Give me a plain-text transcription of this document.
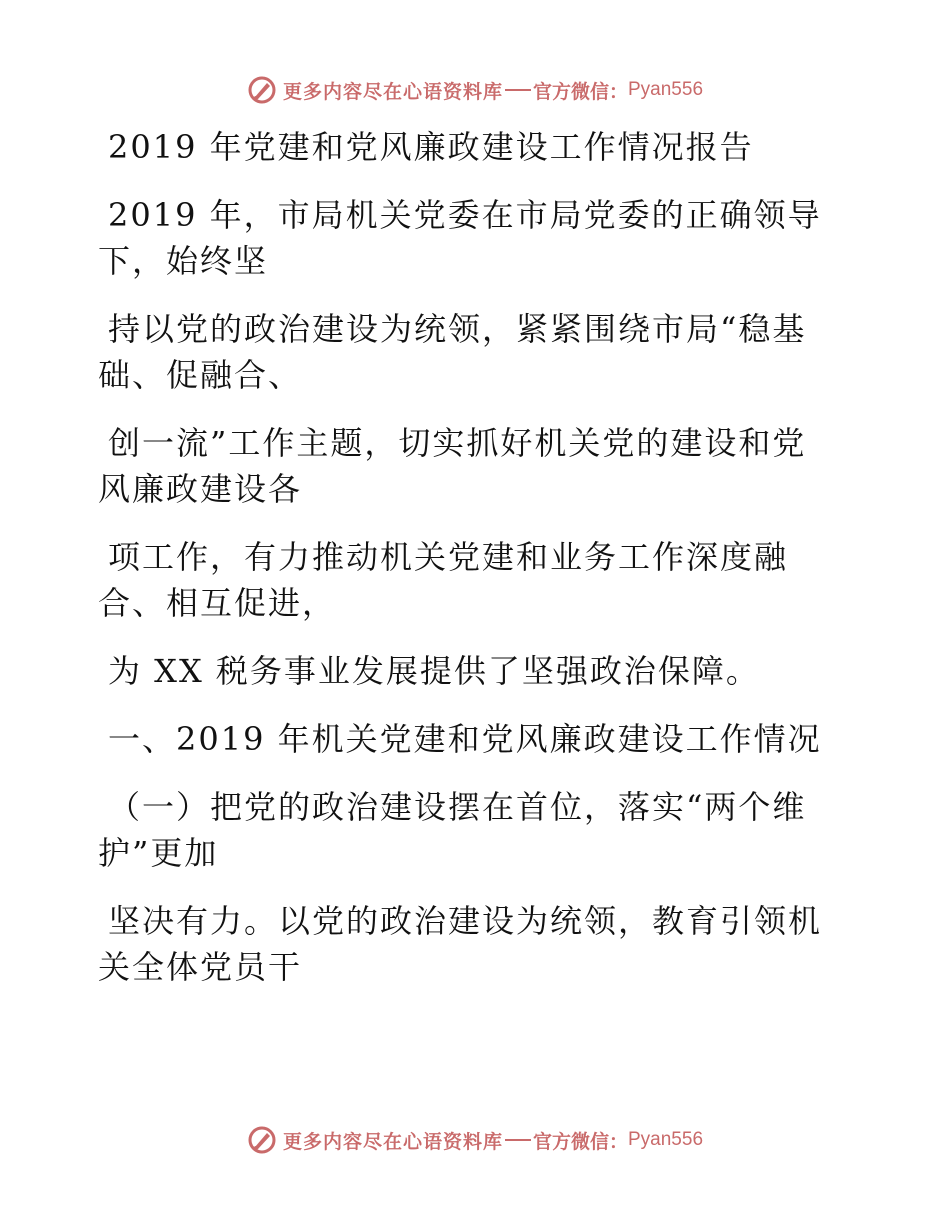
更多内容尽在心语资料库 官方微信： Pyan556
2019 年党建和党风廉政建设工作情况报告
2019 年，市局机关党委在市局党委的正确领导
下，始终坚
持以党的政治建设为统领，紧紧围绕市局“稳基
础、促融合、
创一流”工作主题，切实抓好机关党的建设和党
风廉政建设各
项工作，有力推动机关党建和业务工作深度融
合、相互促进，
为 XX 税务事业发展提供了坚强政治保障。
一、2019 年机关党建和党风廉政建设工作情况
（一）把党的政治建设摆在首位，落实“两个维
护”更加
坚决有力。以党的政治建设为统领，教育引领机
关全体党员干
更多内容尽在心语资料库 官方微信： Pyan556
